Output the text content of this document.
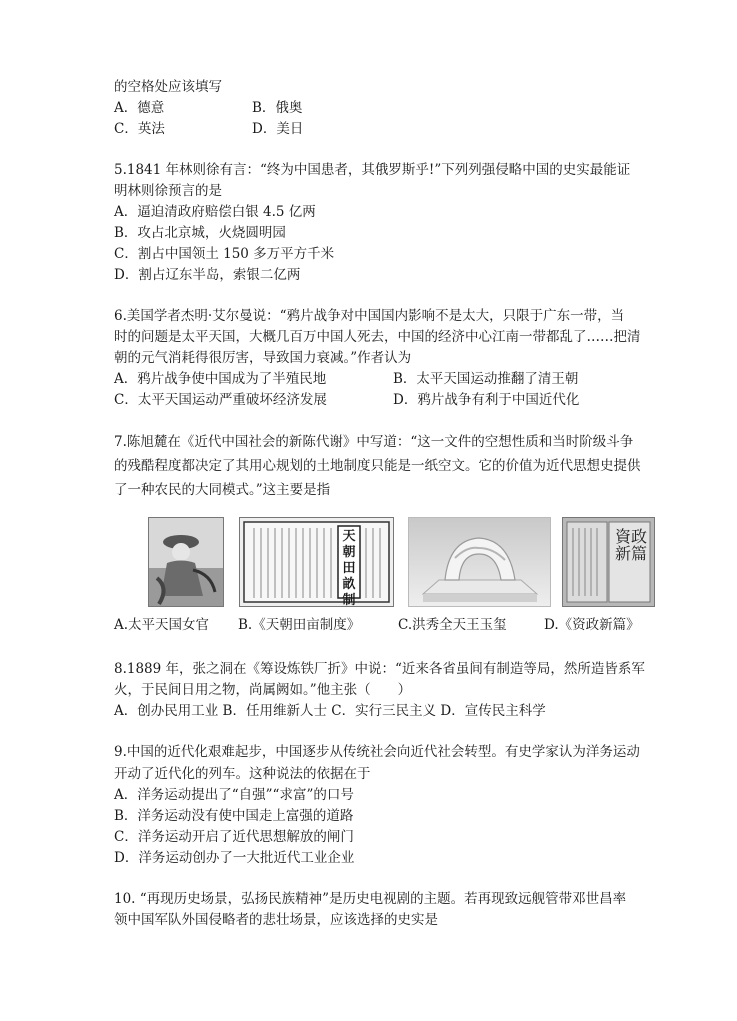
的空格处应该填写
A．德意	B．俄奥
C．英法	D．美日
5.1841 年林则徐有言：“终为中国患者，其俄罗斯乎!”下列列强侵略中国的史实最能证
明林则徐预言的是
A．逼迫清政府赔偿白银 4.5 亿两
B．攻占北京城，火烧圆明园
C．割占中国领土 150 多万平方千米
D．割占辽东半岛，索银二亿两
6.美国学者杰明·艾尔曼说：“鸦片战争对中国国内影响不是太大，只限于广东一带，当
时的问题是太平天国，大概几百万中国人死去，中国的经济中心江南一带都乱了……把清
朝的元气消耗得很厉害，导致国力衰减。”作者认为
A．鸦片战争使中国成为了半殖民地	B．太平天国运动推翻了清王朝
C．太平天国运动严重破坏经济发展	D．鸦片战争有利于中国近代化
7.陈旭麓在《近代中国社会的新陈代谢》中写道：“这一文件的空想性质和当时阶级斗争
的残酷程度都决定了其用心规划的土地制度只能是一纸空文。它的价值为近代思想史提供
了一种农民的大同模式。”这主要是指
天朝田畝制
資政新篇
A.太平天国女官 B.《天朝田亩制度》	C.洪秀全天王玉玺	D.《资政新篇》
8.1889 年，张之洞在《筹设炼铁厂折》中说：“近来各省虽间有制造等局，然所造皆系军
火，于民间日用之物，尚属阙如。”他主张（　　）
A．创办民用工业 B．任用维新人士 C．实行三民主义 D．宣传民主科学
9.中国的近代化艰难起步，中国逐步从传统社会向近代社会转型。有史学家认为洋务运动
开动了近代化的列车。这种说法的依据在于
A．洋务运动提出了“自强”“求富”的口号
B．洋务运动没有使中国走上富强的道路
C．洋务运动开启了近代思想解放的闸门
D．洋务运动创办了一大批近代工业企业
10. “再现历史场景，弘扬民族精神”是历史电视剧的主题。若再现致远舰管带邓世昌率
领中国军队外国侵略者的悲壮场景，应该选择的史实是
